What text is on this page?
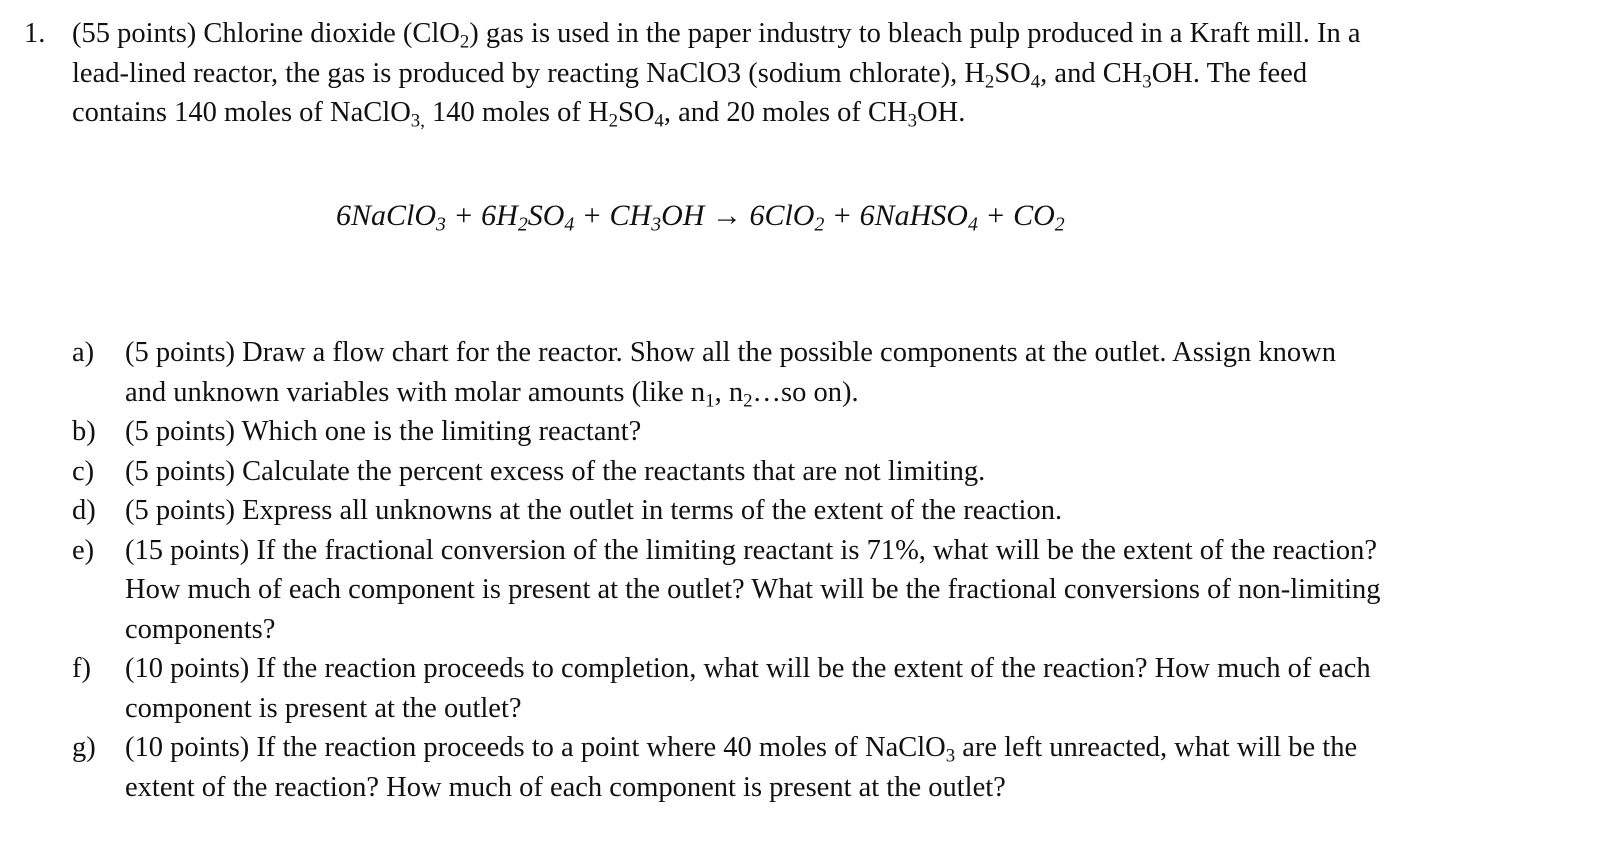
1. (55 points) Chlorine dioxide (ClO$_2$) gas is used in the paper industry to bleach pulp produced in a Kraft mill. In a
lead-lined reactor, the gas is produced by reacting NaClO3 (sodium chlorate), $H_2SO_4$, and $CH_3OH$. The feed
contains 140 moles of NaClO$_{3,}$ 140 moles of $H_2SO_4$, and 20 moles of $CH_3OH$.
6NaClO$_3$ + $6H_2SO_4 + CH_3OH \to 6ClO_2$ + 6NaHSO$_4$ + $CO_2$
a)	(5 points) Draw a flow chart for the reactor. Show all the possible components at the outlet. Assign known
and unknown variables with molar amounts (like $n_1$, $n_2\dots so$ on).
b)	(5 points) Which one is the limiting reactant?
c)	(5 points) Calculate the percent excess of the reactants that are not limiting.
d)	(5 points) Express all unknowns at the outlet in terms of the extent of the reaction.
e)	(15 points) If the fractional conversion of the limiting reactant is 71%, what will be the extent of the reaction?
How much of each component is present at the outlet? What will be the fractional conversions of non-limiting
components?
f)	(10 points) If the reaction proceeds to completion, what will be the extent of the reaction? How much of each
component is present at the outlet?
g)	(10 points) If the reaction proceeds to a point where 40 moles of NaClO$_3$ are left unreacted, what will be the
extent of the reaction? How much of each component is present at the outlet?
